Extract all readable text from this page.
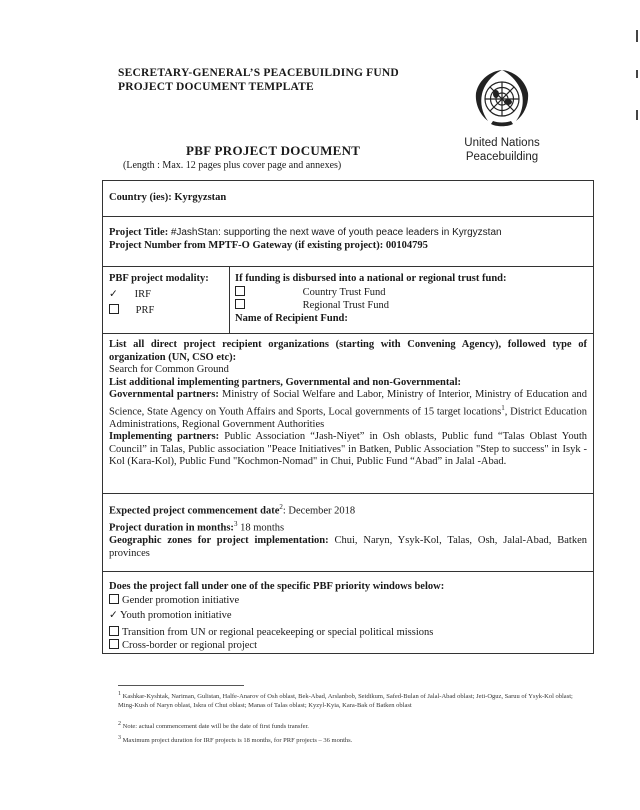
SECRETARY-GENERAL’S PEACEBUILDING FUND
PROJECT DOCUMENT TEMPLATE
United Nations
Peacebuilding
PBF PROJECT DOCUMENT
(Length : Max. 12 pages plus cover page and annexes)
Country (ies): Kyrgyzstan
Project Title: #JashStan: supporting the next wave of youth peace leaders in Kyrgyzstan
Project Number from MPTF-O Gateway (if existing project): 00104795
PBF project modality:
✓ IRF
PRF
If funding is disbursed into a national or regional trust fund:
Country Trust Fund
Regional Trust Fund
Name of Recipient Fund:
List all direct project recipient organizations (starting with Convening Agency), followed type of organization (UN, CSO etc):
Search for Common Ground
List additional implementing partners, Governmental and non-Governmental:
Governmental partners: Ministry of Social Welfare and Labor, Ministry of Interior, Ministry of Education and Science, State Agency on Youth Affairs and Sports, Local governments of 15 target locations$^1$, District Education Administrations, Regional Government Authorities
Implementing partners: Public Association “Jash-Niyet” in Osh oblasts, Public fund “Talas Oblast Youth Council” in Talas, Public association "Peace Initiatives" in Batken, Public Association "Step to success" in Isyk -Kol (Kara-Kol), Public Fund "Kochmon-Nomad" in Chui, Public Fund “Abad” in Jalal -Abad.
Expected project commencement date$^2$: December 2018
Project duration in months:$^3$ 18 months
Geographic zones for project implementation: Chui, Naryn, Ysyk-Kol, Talas, Osh, Jalal-Abad, Batken provinces
Does the project fall under one of the specific PBF priority windows below:
Gender promotion initiative
✓ Youth promotion initiative
Transition from UN or regional peacekeeping or special political missions
Cross-border or regional project
$^1$ Kashkar-Kyshtak, Nariman, Gulistan, Halfe-Anarov of Osh oblast, Bek-Abad, Arslanbob, Seidikum, Safed-Bulan of Jalal-Abad oblast; Jeti-Oguz, Saruu of Ysyk-Kol oblast; Ming-Kush of Naryn oblast, Iskra of Chui oblast; Manas of Talas oblast; Kyzyl-Kyia, Kara-Bak of Batken oblast
$^2$ Note: actual commencement date will be the date of first funds transfer.
$^3$ Maximum project duration for IRF projects is 18 months, for PRF projects – 36 months.
